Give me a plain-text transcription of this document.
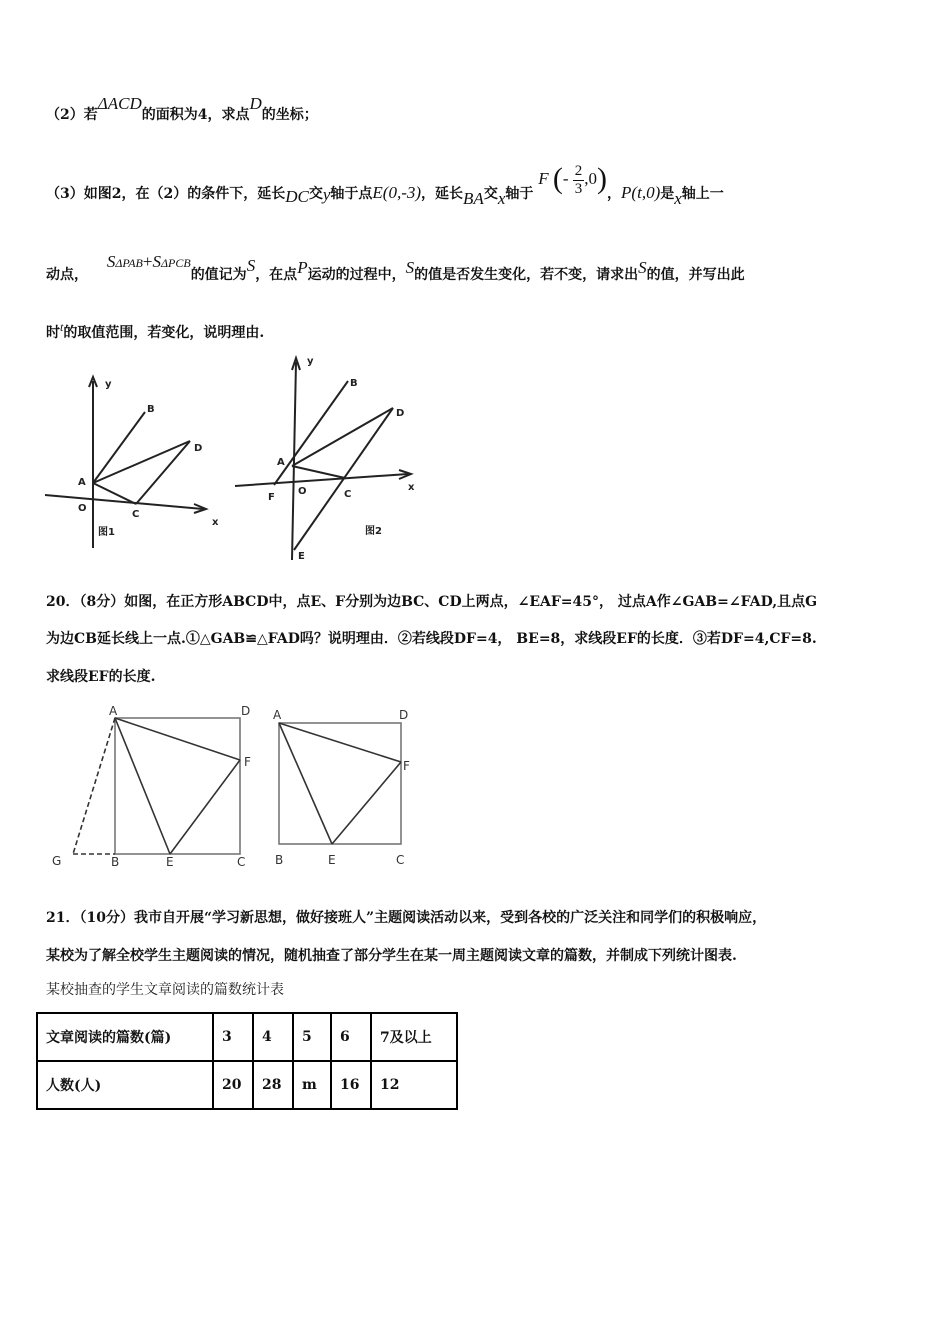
（2）若ΔACD的面积为4，求点D的坐标；
（3）如图2，在（2）的条件下，延长DC交y轴于点E(0,-3)，延长BA交x轴于 F (- $\frac{2}{3} ,0$)，P(t,0)是x轴上一
动点， SΔPAB+SΔPCB的值记为S，在点P运动的过程中，S的值是否发生变化，若不变，请求出S的值，并写出此
时t的取值范围，若变化，说明理由.
y
x
B
D
A
O
C
图1
y
x
B
D
A
F
O	C
E
图2
20．（8分）如图，在正方形ABCD中，点E、F分别为边BC、CD上两点，∠EAF=45°， 过点A作∠GAB=∠FAD,且点G
为边CB延长线上一点.①△GAB≌△FAD吗？说明理由．②若线段DF=4， BE=8，求线段EF的长度．③若DF=4,CF=8.
求线段EF的长度.
A	D
F
G	B	E	C
A	D
F
B	E	C
21．（10分）我市自开展“学习新思想，做好接班人”主题阅读活动以来，受到各校的广泛关注和同学们的积极响应，
某校为了解全校学生主题阅读的情况，随机抽查了部分学生在某一周主题阅读文章的篇数，并制成下列统计图表.
某校抽查的学生文章阅读的篇数统计表
文章阅读的篇数(篇)	3	4	5	6	7及以上
人数(人)	20	28	m	16	12
